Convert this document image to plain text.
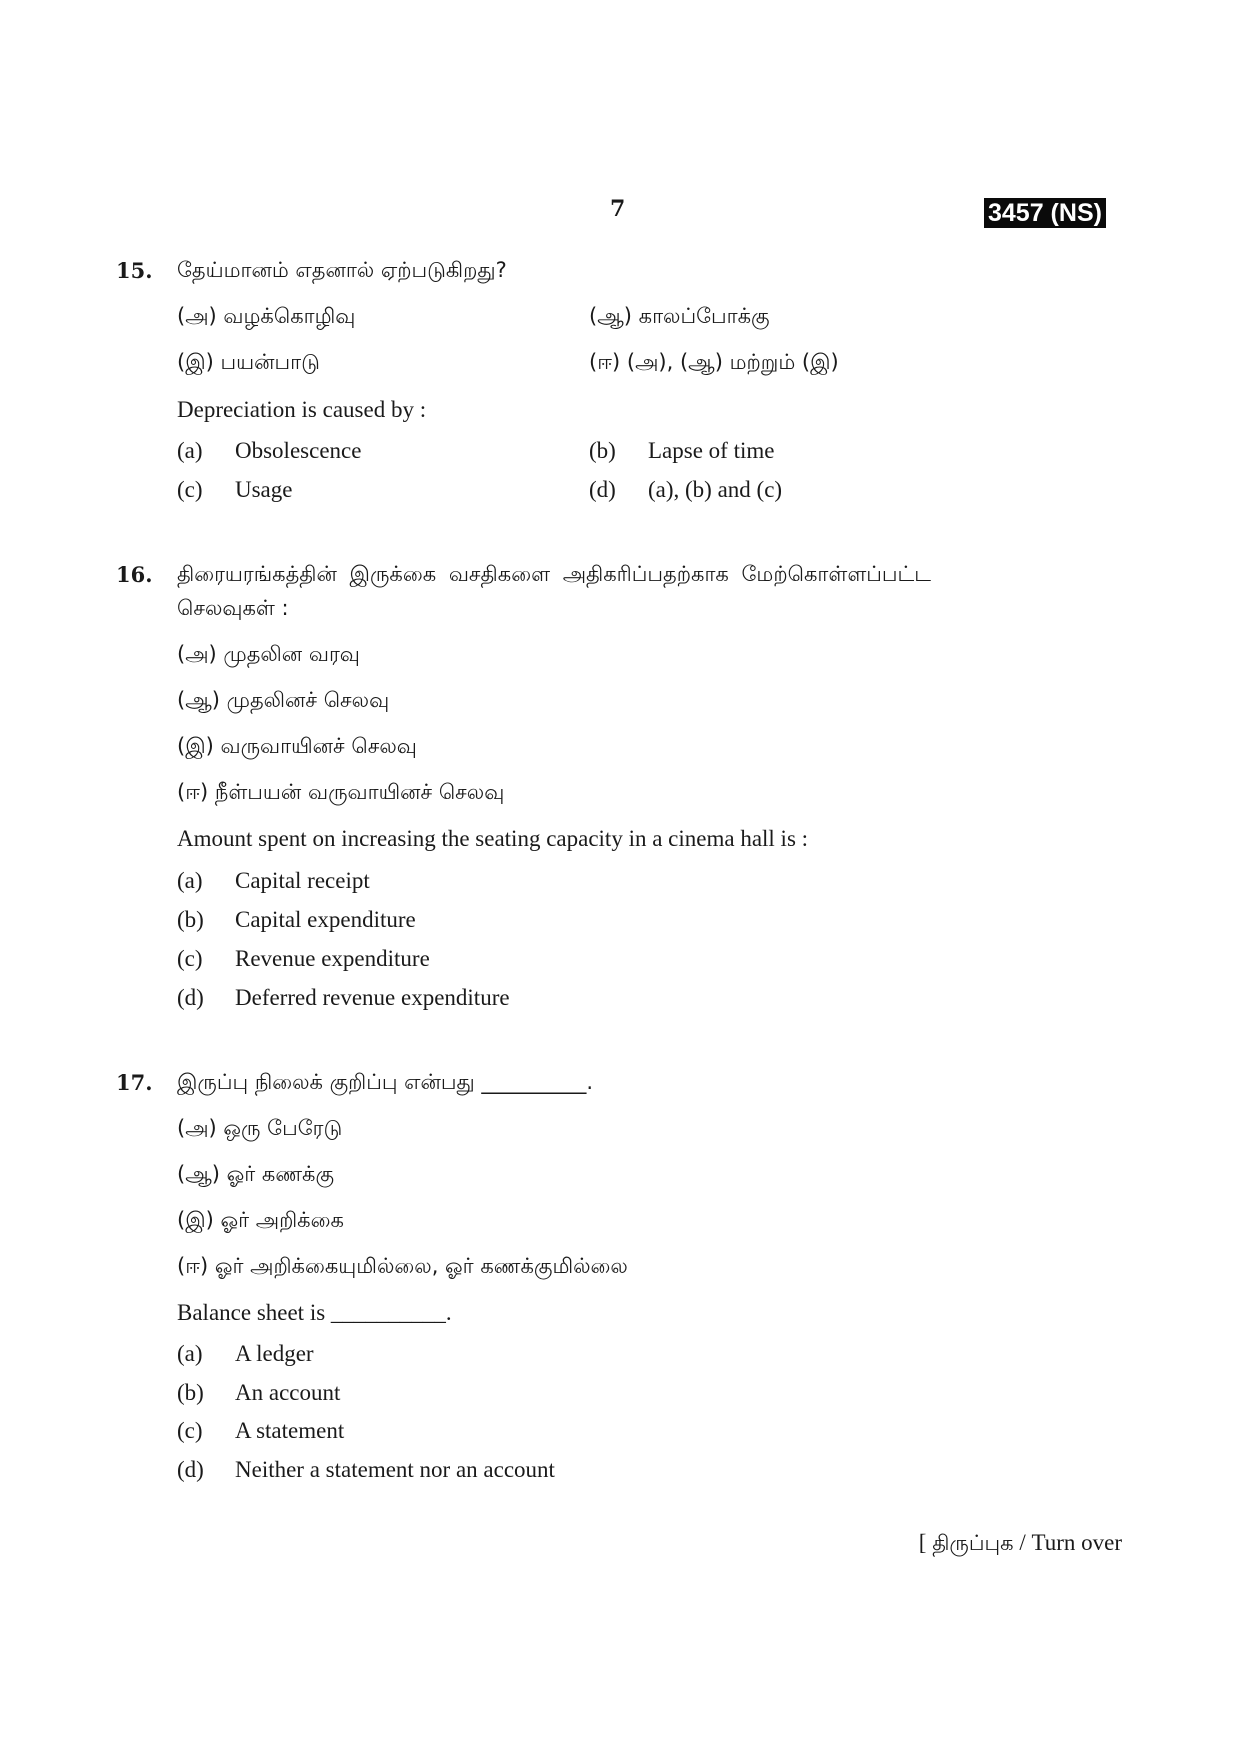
7	3457 (NS)
15. தேய்மானம் எதனால் ஏற்படுகிறது?
(அ) வழக்கொழிவு	(ஆ) காலப்போக்கு
(இ) பயன்பாடு	(ஈ) (அ), (ஆ) மற்றும் (இ)
Depreciation is caused by :
(a) Obsolescence	(b) Lapse of time
(c) Usage	(d) (a), (b) and (c)
16. திரையரங்கத்தின் இருக்கை வசதிகளை அதிகரிப்பதற்காக மேற்கொள்ளப்பட்ட
செலவுகள் :
(அ) முதலின வரவு
(ஆ) முதலினச் செலவு
(இ) வருவாயினச் செலவு
(ஈ) நீள்பயன் வருவாயினச் செலவு
Amount spent on increasing the seating capacity in a cinema hall is :
(a) Capital receipt
(b) Capital expenditure
(c) Revenue expenditure
(d) Deferred revenue expenditure
17. இருப்பு நிலைக் குறிப்பு என்பது __________.
(அ) ஒரு பேரேடு
(ஆ) ஓர் கணக்கு
(இ) ஓர் அறிக்கை
(ஈ) ஓர் அறிக்கையுமில்லை, ஓர் கணக்குமில்லை
Balance sheet is __________.
(a) A ledger
(b) An account
(c) A statement
(d) Neither a statement nor an account
[ திருப்புக / Turn over
